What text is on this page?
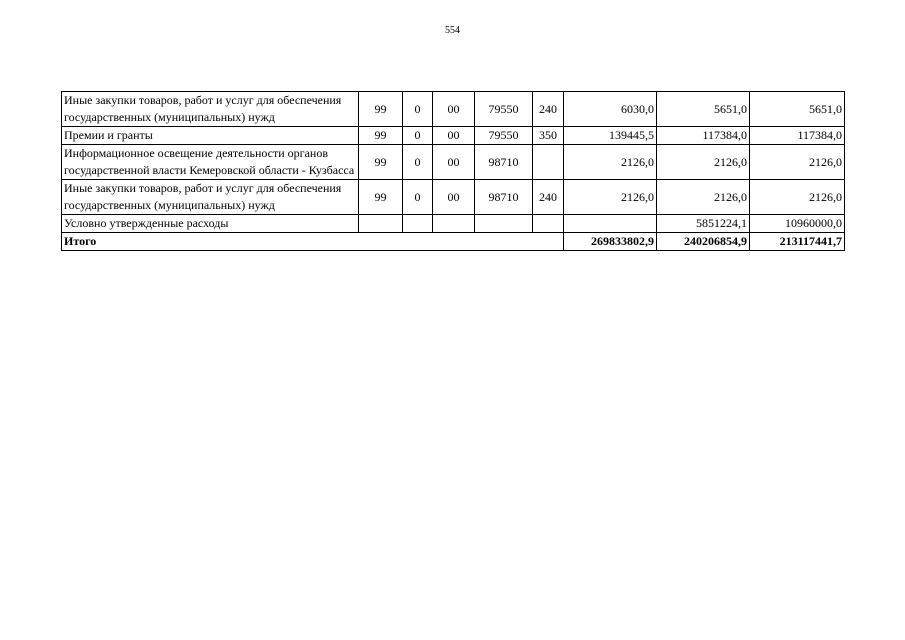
554
Иные закупки товаров, работ и услуг для обеспечения государственных (муниципальных) нужд	99	0	00	79550	240	6030,0	5651,0	5651,0
Премии и гранты	99	0	00	79550	350	139445,5	117384,0	117384,0
Информационное освещение деятельности органов государственной власти Кемеровской области - Кузбасса	99	0	00	98710		2126,0	2126,0	2126,0
Иные закупки товаров, работ и услуг для обеспечения государственных (муниципальных) нужд	99	0	00	98710	240	2126,0	2126,0	2126,0
Условно утвержденные расходы							5851224,1	10960000,0
Итого						269833802,9	240206854,9	213117441,7
